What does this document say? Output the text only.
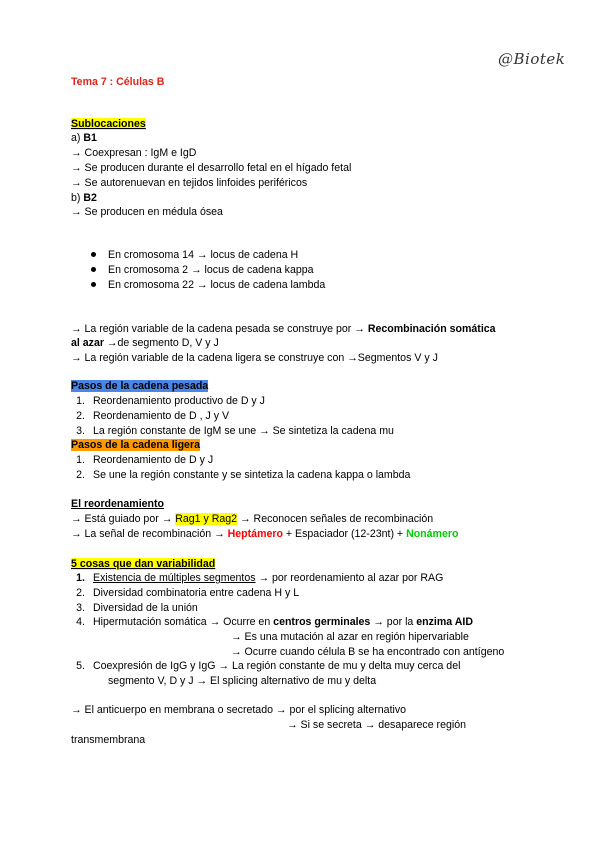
@Biotek
Tema 7 : Células B
Sublocaciones
a) B1
→ Coexpresan : IgM e IgD
→ Se producen durante el desarrollo fetal en el hígado fetal
→ Se autorenuevan en tejidos linfoides periféricos
b) B2
→ Se producen en médula ósea
En cromosoma 14 → locus de cadena H
En cromosoma 2 → locus de cadena kappa
En cromosoma 22 → locus de cadena lambda
→ La región variable de la cadena pesada se construye por → Recombinación somática
al azar →de segmento D, V y J
→ La región variable de la cadena ligera se construye con →Segmentos V y J
Pasos de la cadena pesada
1. Reordenamiento productivo de D y J
2. Reordenamiento de D , J y V
3. La región constante de IgM se une → Se sintetiza la cadena mu
Pasos de la cadena ligera
1. Reordenamiento de D y J
2. Se une la región constante y se sintetiza la cadena kappa o lambda
El reordenamiento
→ Está guiado por → Rag1 y Rag2 → Reconocen señales de recombinación
→ La señal de recombinación → Heptámero + Espaciador (12-23nt) + Nonámero
5 cosas que dan variabilidad
1. Existencia de múltiples segmentos → por reordenamiento al azar por RAG
2. Diversidad combinatoria entre cadena H y L
3. Diversidad de la unión
4. Hipermutación somática → Ocurre en centros germinales → por la enzima AID
→ Es una mutación al azar en región hipervariable
→ Ocurre cuando célula B se ha encontrado con antígeno
5. Coexpresión de IgG y IgG → La región constante de mu y delta muy cerca del
segmento V, D y J → El splicing alternativo de mu y delta
→ El anticuerpo en membrana o secretado → por el splicing alternativo
→ Si se secreta → desaparece región
transmembrana
